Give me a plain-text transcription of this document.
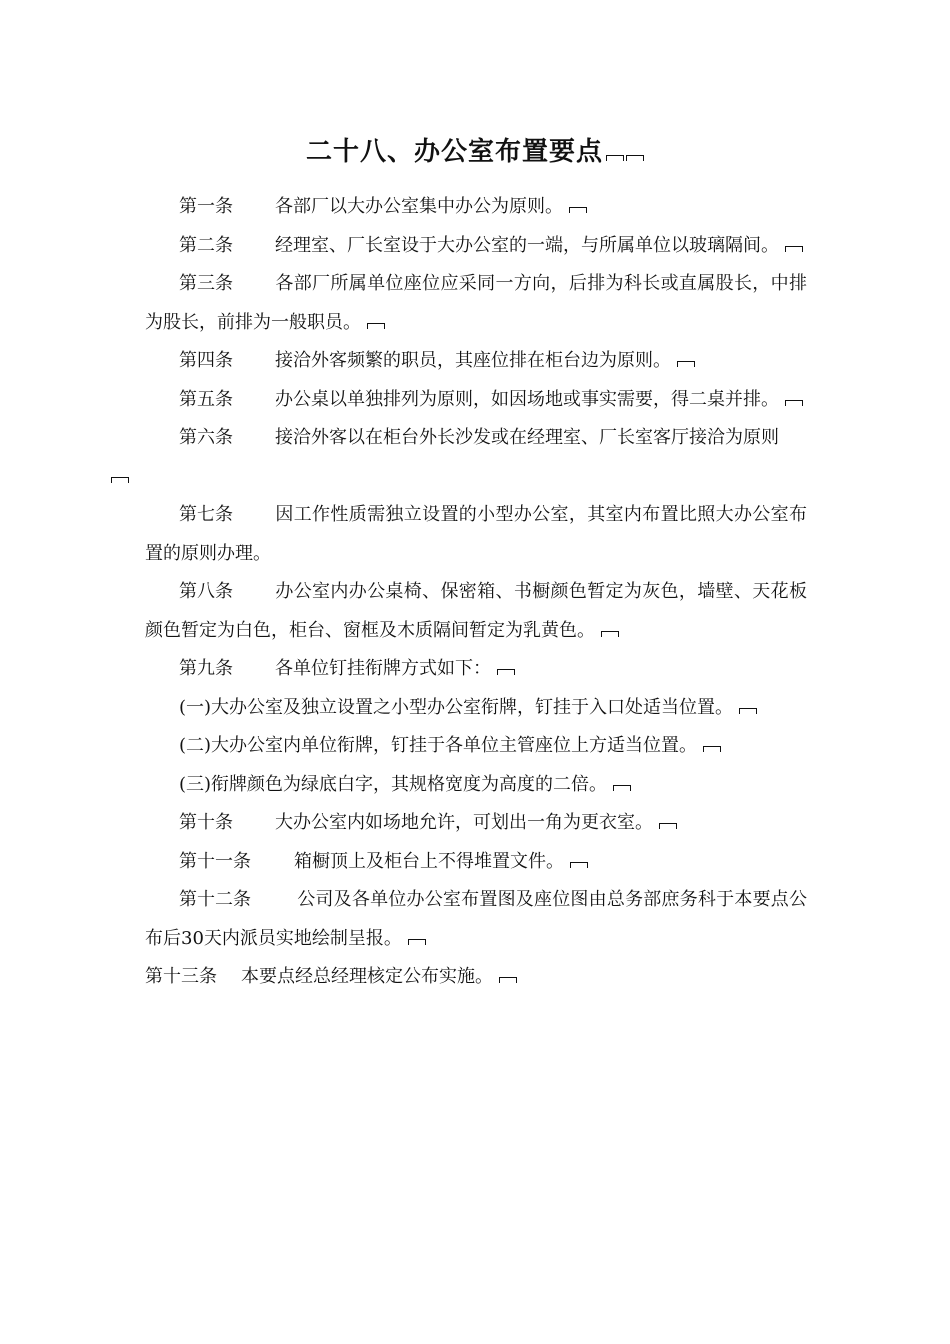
二十八、办公室布置要点

第一条 各部厂以大办公室集中办公为原则。

第二条 经理室、厂长室设于大办公室的一端，与所属单位以玻璃隔间。

第三条 各部厂所属单位座位应采同一方向，后排为科长或直属股长，中排为股长，前排为一般职员。

第四条 接洽外客频繁的职员，其座位排在柜台边为原则。

第五条 办公桌以单独排列为原则，如因场地或事实需要，得二桌并排。

第六条 接洽外客以在柜台外长沙发或在经理室、厂长室客厅接洽为原则

第七条 因工作性质需独立设置的小型办公室，其室内布置比照大办公室布置的原则办理。

第八条 办公室内办公桌椅、保密箱、书橱颜色暂定为灰色，墙壁、天花板颜色暂定为白色，柜台、窗框及木质隔间暂定为乳黄色。

第九条 各单位钉挂衔牌方式如下：

(一)大办公室及独立设置之小型办公室衔牌，钉挂于入口处适当位置。

(二)大办公室内单位衔牌，钉挂于各单位主管座位上方适当位置。

(三)衔牌颜色为绿底白字，其规格宽度为高度的二倍。

第十条 大办公室内如场地允许，可划出一角为更衣室。

第十一条 箱橱顶上及柜台上不得堆置文件。

第十二条	公司及各单位办公室布置图及座位图由总务部庶务科于本要点公布后30天内派员实地绘制呈报。

第十三条 本要点经总经理核定公布实施。
